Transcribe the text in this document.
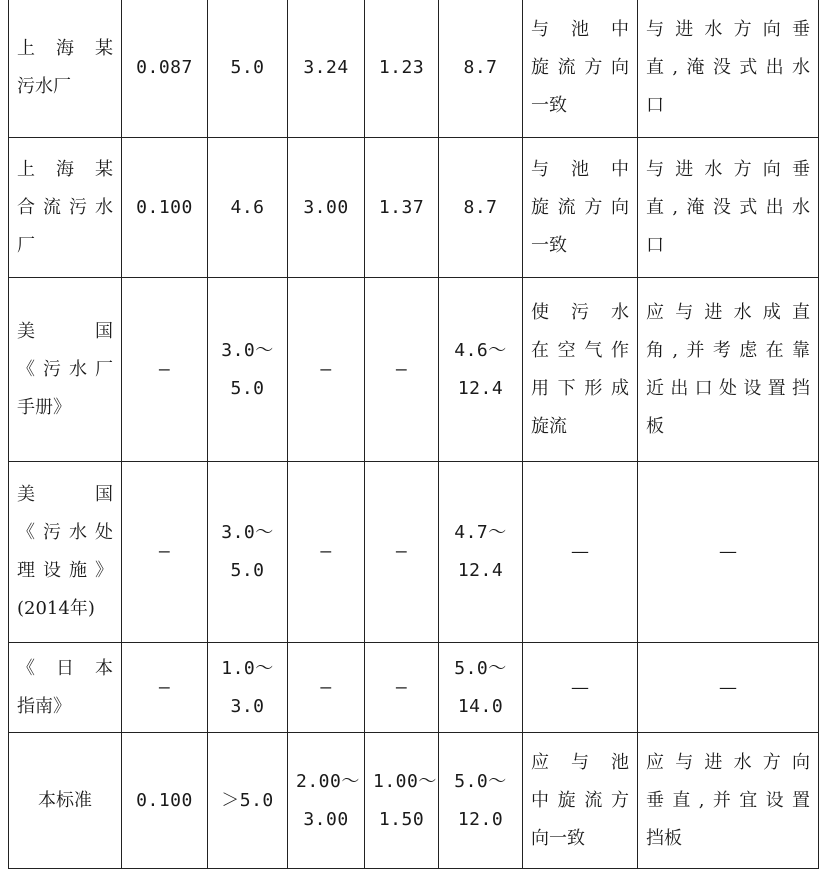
上海某
污水厂	0.087	5.0	3.24	1.23	8.7	与池中
旋流方向
一致	与进水方向垂
直,淹没式出水
口

上海某
合流污水
厂	0.100	4.6	3.00	1.37	8.7	与池中
旋流方向
一致	与进水方向垂
直,淹没式出水
口

美　国
《污水厂
手册》	—	3.0～
5.0	—	—	4.6～
12.4	使污水
在空气作
用下形成
旋流	应与进水成直
角,并考虑在靠
近出口处设置挡
板

美　国
《污水处
理设施》
(2014年)	—	3.0～
5.0	—	—	4.7～
12.4	—	—

《日本
指南》	—	1.0～
3.0	—	—	5.0～
14.0	—	—

本标准	0.100	＞5.0	2.00～
3.00	1.00～
1.50	5.0～
12.0	应与池
中旋流方
向一致	应与进水方向
垂直,并宜设置
挡板
